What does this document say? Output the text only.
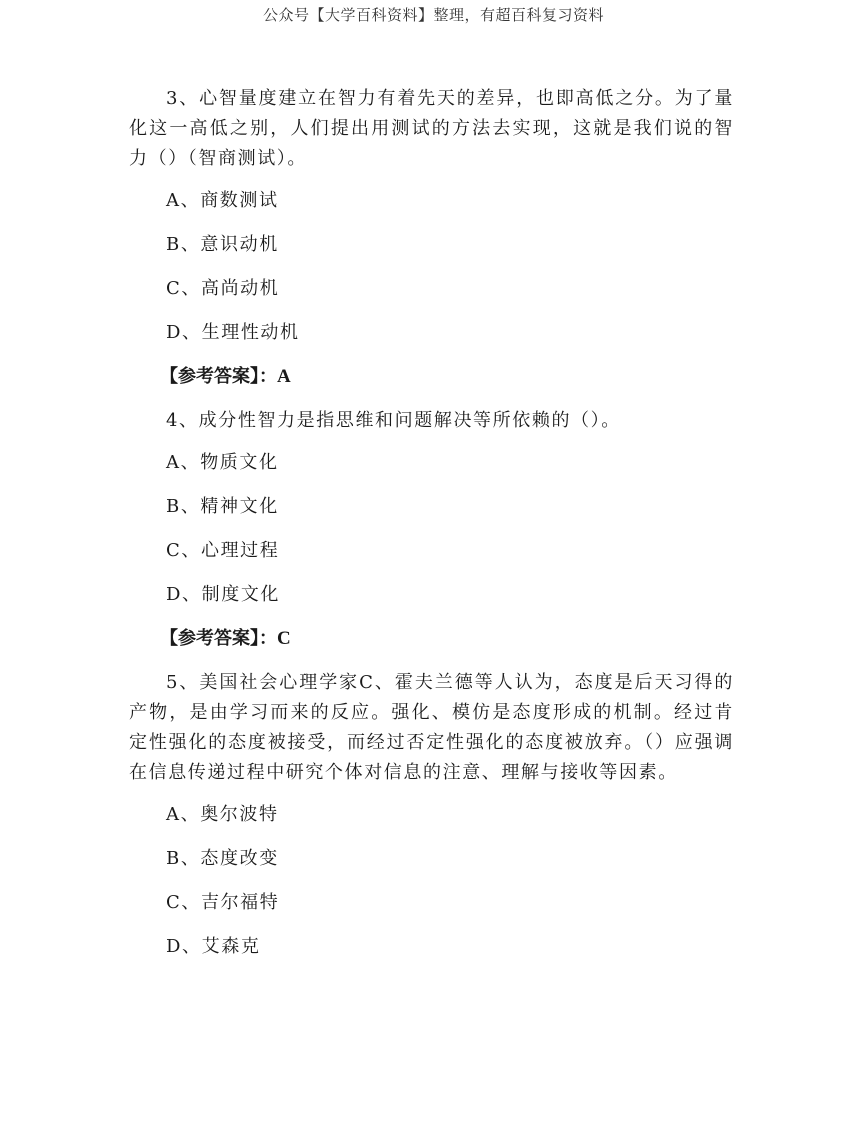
公众号【大学百科资料】整理，有超百科复习资料

3、心智量度建立在智力有着先天的差异，也即高低之分。为了量化这一高低之别，人们提出用测试的方法去实现，这就是我们说的智力（）（智商测试）。

A、商数测试
B、意识动机
C、高尚动机
D、生理性动机
【参考答案】：A

4、成分性智力是指思维和问题解决等所依赖的（）。

A、物质文化
B、精神文化
C、心理过程
D、制度文化
【参考答案】：C

5、美国社会心理学家C、霍夫兰德等人认为，态度是后天习得的产物，是由学习而来的反应。强化、模仿是态度形成的机制。经过肯定性强化的态度被接受，而经过否定性强化的态度被放弃。（）应强调在信息传递过程中研究个体对信息的注意、理解与接收等因素。

A、奥尔波特
B、态度改变
C、吉尔福特
D、艾森克
